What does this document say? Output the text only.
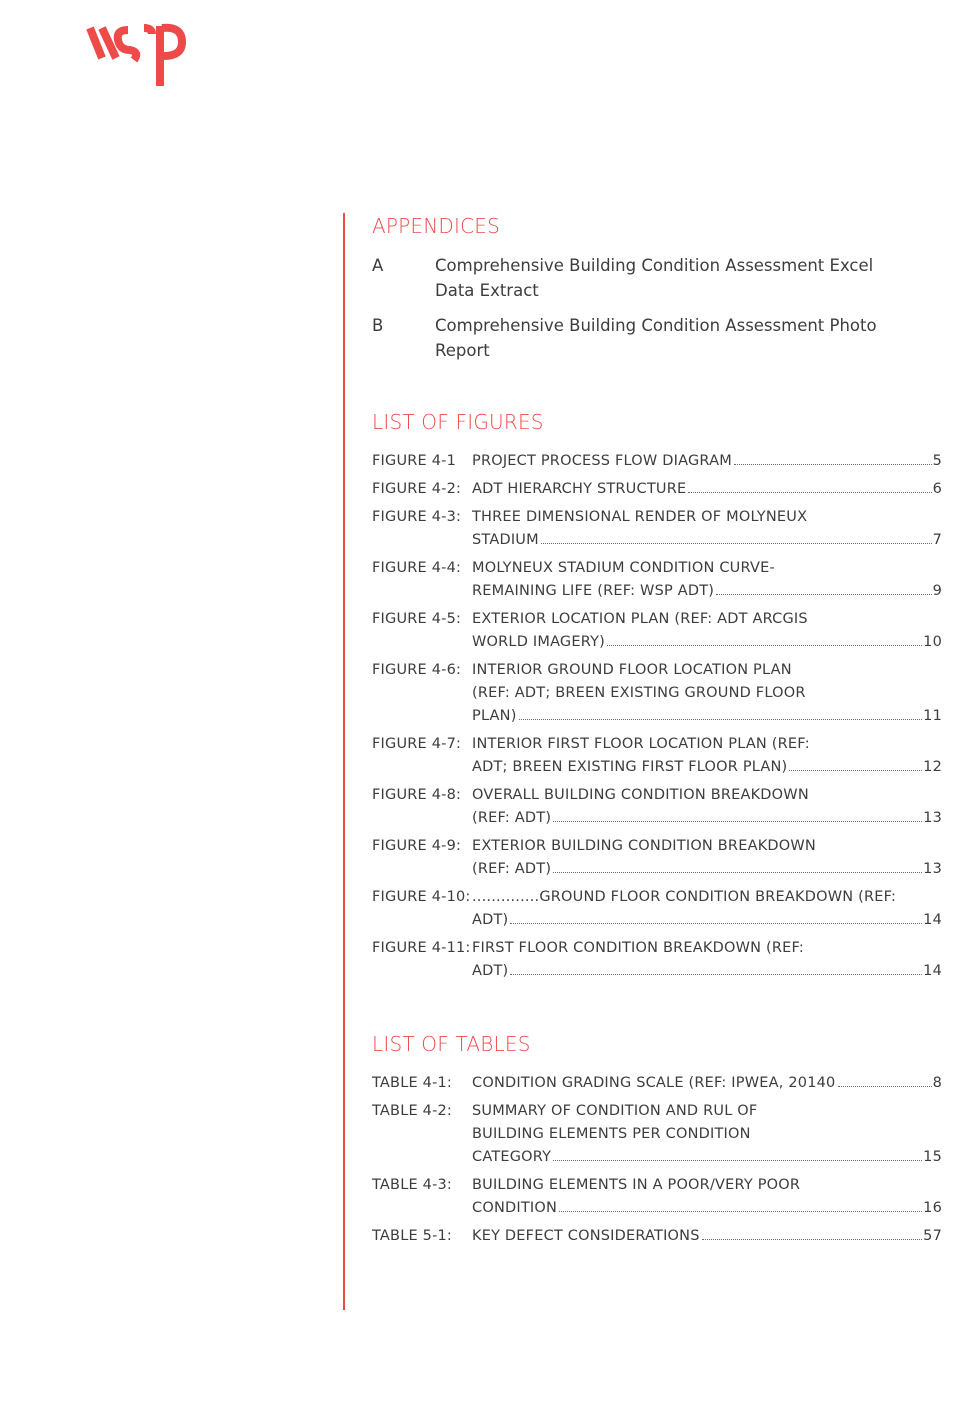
APPENDICES
A	Comprehensive Building Condition Assessment Excel
Data Extract
B	Comprehensive Building Condition Assessment Photo
Report
LIST OF FIGURES
FIGURE 4-1 PROJECT PROCESS FLOW DIAGRAM	5
FIGURE 4-2: ADT HIERARCHY STRUCTURE	6
FIGURE 4-3: THREE DIMENSIONAL RENDER OF MOLYNEUX
STADIUM	7
FIGURE 4-4: MOLYNEUX STADIUM CONDITION CURVE-
REMAINING LIFE (REF: WSP ADT)	9
FIGURE 4-5: EXTERIOR LOCATION PLAN (REF: ADT ARCGIS
WORLD IMAGERY)	10
FIGURE 4-6: INTERIOR GROUND FLOOR LOCATION PLAN
(REF: ADT; BREEN EXISTING GROUND FLOOR
PLAN)	11
FIGURE 4-7: INTERIOR FIRST FLOOR LOCATION PLAN (REF:
ADT; BREEN EXISTING FIRST FLOOR PLAN)	12
FIGURE 4-8: OVERALL BUILDING CONDITION BREAKDOWN
(REF: ADT)	13
FIGURE 4-9: EXTERIOR BUILDING CONDITION BREAKDOWN
(REF: ADT)	13
FIGURE 4-10: ..............GROUND FLOOR CONDITION BREAKDOWN (REF:
ADT)	14
FIGURE 4-11: FIRST FLOOR CONDITION BREAKDOWN (REF:
ADT)	14
LIST OF TABLES
TABLE 4-1: CONDITION GRADING SCALE (REF: IPWEA, 20140	8
TABLE 4-2: SUMMARY OF CONDITION AND RUL OF
BUILDING ELEMENTS PER CONDITION
CATEGORY	15
TABLE 4-3: BUILDING ELEMENTS IN A POOR/VERY POOR
CONDITION	16
TABLE 5-1: KEY DEFECT CONSIDERATIONS	57
